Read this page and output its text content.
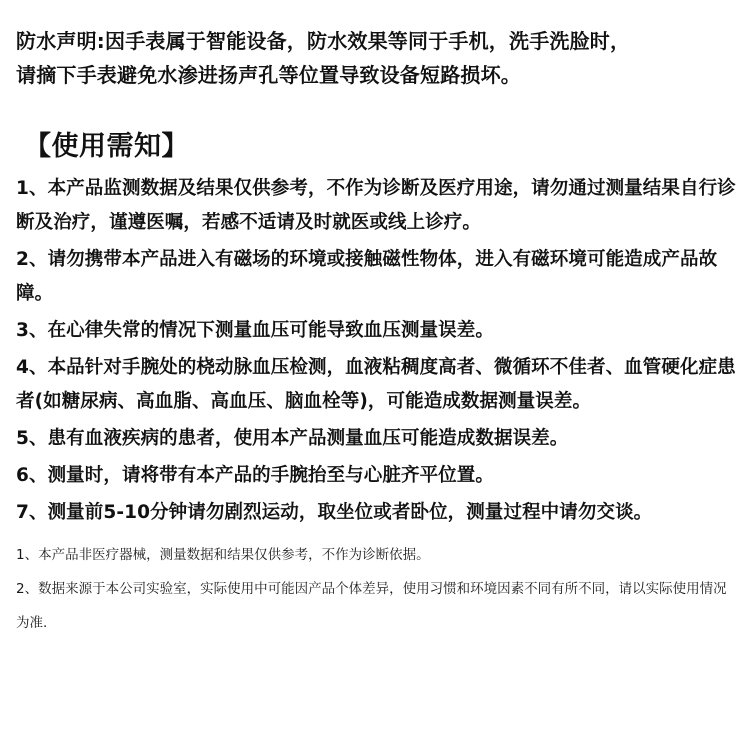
防水声明:因手表属于智能设备，防水效果等同于手机，洗手洗脸时，

请摘下手表避免水渗进扬声孔等位置导致设备短路损坏。

【使用需知】
1、本产品监测数据及结果仅供参考，不作为诊断及医疗用途，请勿通过测量结果自行诊断及治疗，谨遵医嘱，若感不适请及时就医或线上诊疗。
2、请勿携带本产品进入有磁场的环境或接触磁性物体，进入有磁环境可能造成产品故障。
3、在心律失常的情况下测量血压可能导致血压测量误差。
4、本品针对手腕处的桡动脉血压检测，血液粘稠度高者、微循环不佳者、血管硬化症患者(如糖尿病、高血脂、高血压、脑血栓等)，可能造成数据测量误差。
5、患有血液疾病的患者，使用本产品测量血压可能造成数据误差。
6、测量时，请将带有本产品的手腕抬至与心脏齐平位置。
7、测量前5-10分钟请勿剧烈运动，取坐位或者卧位，测量过程中请勿交谈。

1、本产品非医疗器械，测量数据和结果仅供参考，不作为诊断依据。

2、数据来源于本公司实验室，实际使用中可能因产品个体差异，使用习惯和环境因素不同有所不同，请以实际使用情况为准.
